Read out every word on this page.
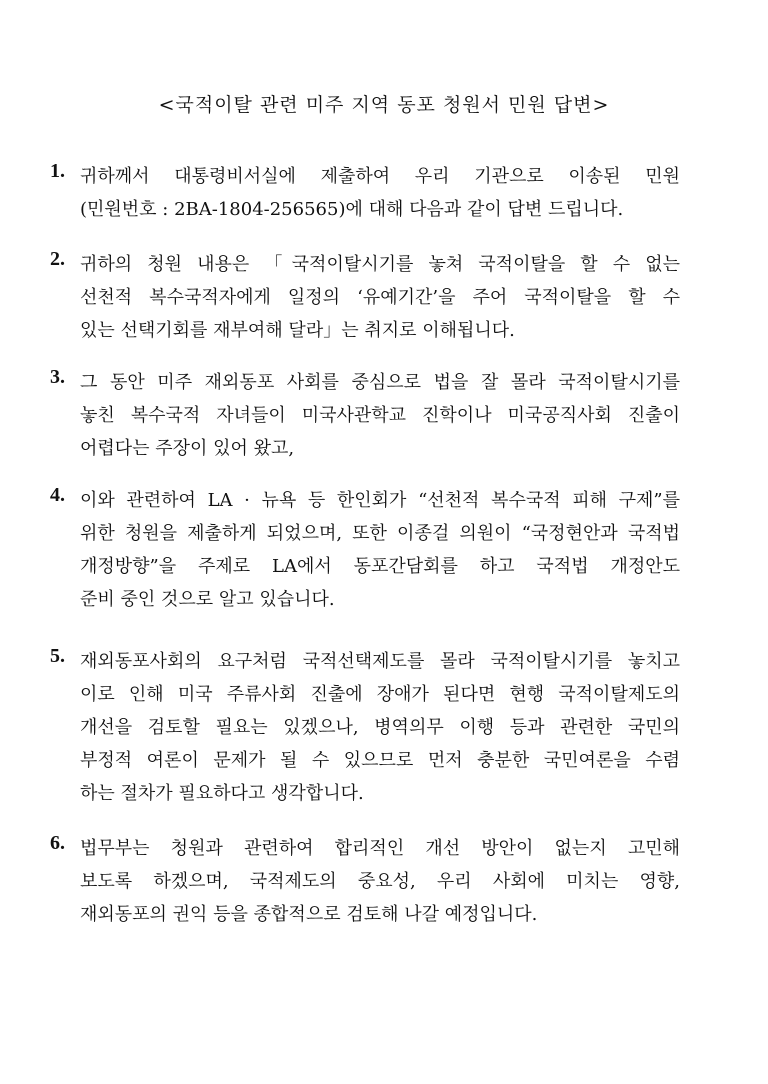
<국적이탈 관련 미주 지역 동포 청원서 민원 답변>
1. 귀하께서 대통령비서실에 제출하여 우리 기관으로 이송된 민원
(민원번호 : 2BA-1804-256565)에 대해 다음과 같이 답변 드립니다.
2. 귀하의 청원 내용은 「국적이탈시기를 놓쳐 국적이탈을 할 수 없는
선천적 복수국적자에게 일정의 ‘유예기간’을 주어 국적이탈을 할 수
있는 선택기회를 재부여해 달라」는 취지로 이해됩니다.
3. 그 동안 미주 재외동포 사회를 중심으로 법을 잘 몰라 국적이탈시기를
놓친 복수국적 자녀들이 미국사관학교 진학이나 미국공직사회 진출이
어렵다는 주장이 있어 왔고,
4. 이와 관련하여 LA · 뉴욕 등 한인회가 “선천적 복수국적 피해 구제”를
위한 청원을 제출하게 되었으며, 또한 이종걸 의원이 “국정현안과 국적법
개정방향”을 주제로 LA에서 동포간담회를 하고 국적법 개정안도
준비 중인 것으로 알고 있습니다.
5. 재외동포사회의 요구처럼 국적선택제도를 몰라 국적이탈시기를 놓치고
이로 인해 미국 주류사회 진출에 장애가 된다면 현행 국적이탈제도의
개선을 검토할 필요는 있겠으나, 병역의무 이행 등과 관련한 국민의
부정적 여론이 문제가 될 수 있으므로 먼저 충분한 국민여론을 수렴
하는 절차가 필요하다고 생각합니다.
6. 법무부는 청원과 관련하여 합리적인 개선 방안이 없는지 고민해
보도록 하겠으며, 국적제도의 중요성, 우리 사회에 미치는 영향,
재외동포의 권익 등을 종합적으로 검토해 나갈 예정입니다.
